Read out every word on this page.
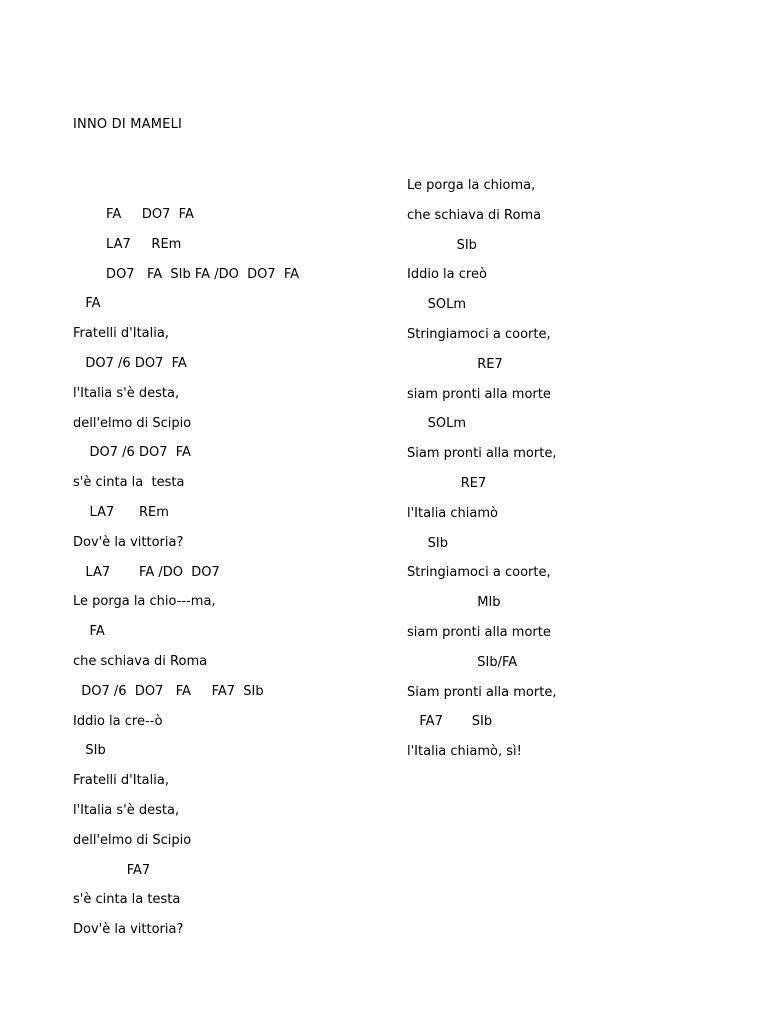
INNO DI MAMELI
FA     DO7  FA
LA7     REm
DO7   FA  SIb FA /DO  DO7  FA
FA
Fratelli d'Italia,
DO7 /6 DO7  FA
l'Italia s'è desta,
dell'elmo di Scipio
DO7 /6 DO7  FA
s'è cinta la  testa
LA7      REm
Dov'è la vittoria?
LA7       FA /DO  DO7
Le porga la chio---ma,
FA
che schiava di Roma
DO7 /6  DO7   FA     FA7  SIb
Iddio la cre--ò
SIb
Fratelli d'Italia,
l'Italia s'è desta,
dell'elmo di Scipio
FA7
s'è cinta la testa
Dov'è la vittoria?
Le porga la chioma,
che schiava di Roma
SIb
Iddio la creò
SOLm
Stringiamoci a coorte,
RE7
siam pronti alla morte
SOLm
Siam pronti alla morte,
RE7
l'Italia chiamò
SIb
Stringiamoci a coorte,
MIb
siam pronti alla morte
SIb/FA
Siam pronti alla morte,
FA7       SIb
l'Italia chiamò, sì!
